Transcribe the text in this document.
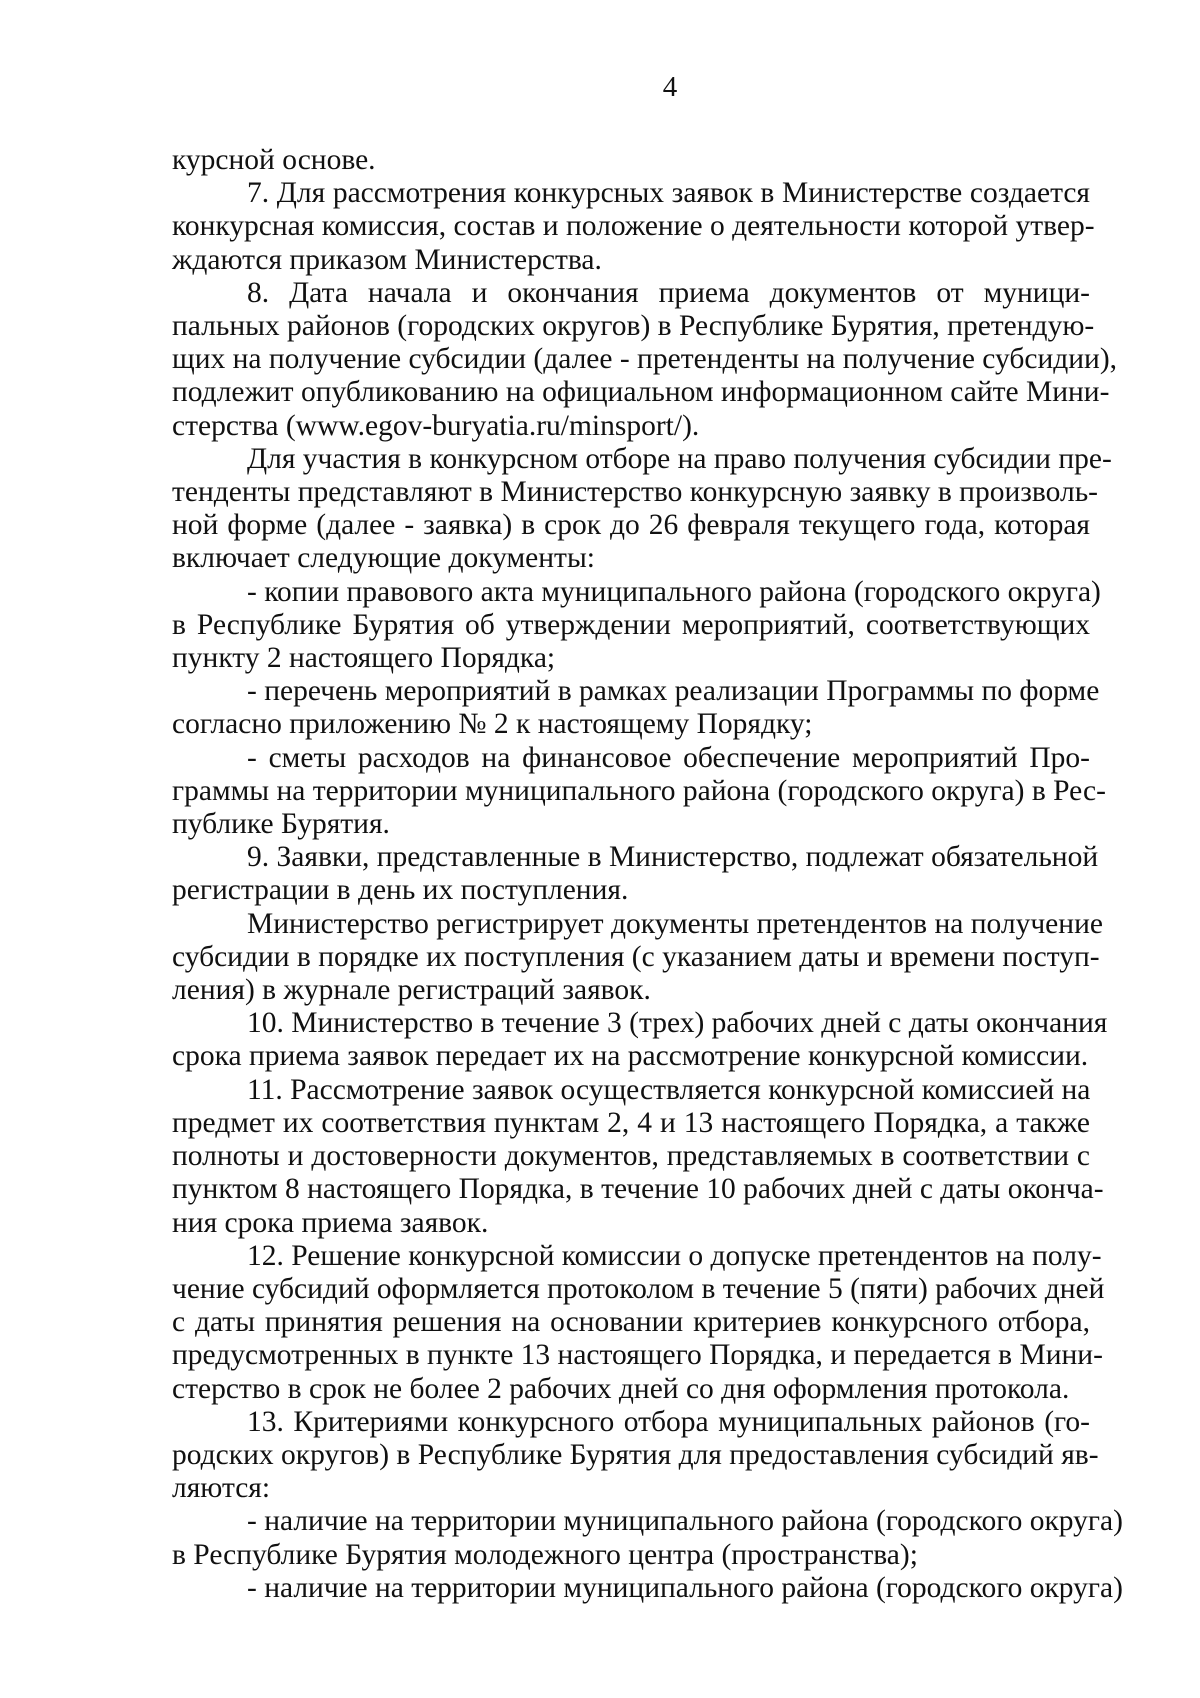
4
курсной основе.
7. Для рассмотрения конкурсных заявок в Министерстве создается
конкурсная комиссия, состав и положение о деятельности которой утвер-
ждаются приказом Министерства.
8. Дата начала и окончания приема документов от муници-
пальных районов (городских округов) в Республике Бурятия, претендую-
щих на получение субсидии (далее - претенденты на получение субсидии),
подлежит опубликованию на официальном информационном сайте Мини-
стерства (www.egov-buryatia.ru/minsport/).
Для участия в конкурсном отборе на право получения субсидии пре-
тенденты представляют в Министерство конкурсную заявку в произволь-
ной форме (далее - заявка) в срок до 26 февраля текущего года, которая
включает следующие документы:
- копии правового акта муниципального района (городского округа)
в Республике Бурятия об утверждении мероприятий, соответствующих
пункту 2 настоящего Порядка;
- перечень мероприятий в рамках реализации Программы по форме
согласно приложению № 2 к настоящему Порядку;
- сметы расходов на финансовое обеспечение мероприятий Про-
граммы на территории муниципального района (городского округа) в Рес-
публике Бурятия.
9. Заявки, представленные в Министерство, подлежат обязательной
регистрации в день их поступления.
Министерство регистрирует документы претендентов на получение
субсидии в порядке их поступления (с указанием даты и времени поступ-
ления) в журнале регистраций заявок.
10. Министерство в течение 3 (трех) рабочих дней с даты окончания
срока приема заявок передает их на рассмотрение конкурсной комиссии.
11. Рассмотрение заявок осуществляется конкурсной комиссией на
предмет их соответствия пунктам 2, 4 и 13 настоящего Порядка, а также
полноты и достоверности документов, представляемых в соответствии с
пунктом 8 настоящего Порядка, в течение 10 рабочих дней с даты оконча-
ния срока приема заявок.
12. Решение конкурсной комиссии о допуске претендентов на полу-
чение субсидий оформляется протоколом в течение 5 (пяти) рабочих дней
с даты принятия решения на основании критериев конкурсного отбора,
предусмотренных в пункте 13 настоящего Порядка, и передается в Мини-
стерство в срок не более 2 рабочих дней со дня оформления протокола.
13. Критериями конкурсного отбора муниципальных районов (го-
родских округов) в Республике Бурятия для предоставления субсидий яв-
ляются:
- наличие на территории муниципального района (городского округа)
в Республике Бурятия молодежного центра (пространства);
- наличие на территории муниципального района (городского округа)
